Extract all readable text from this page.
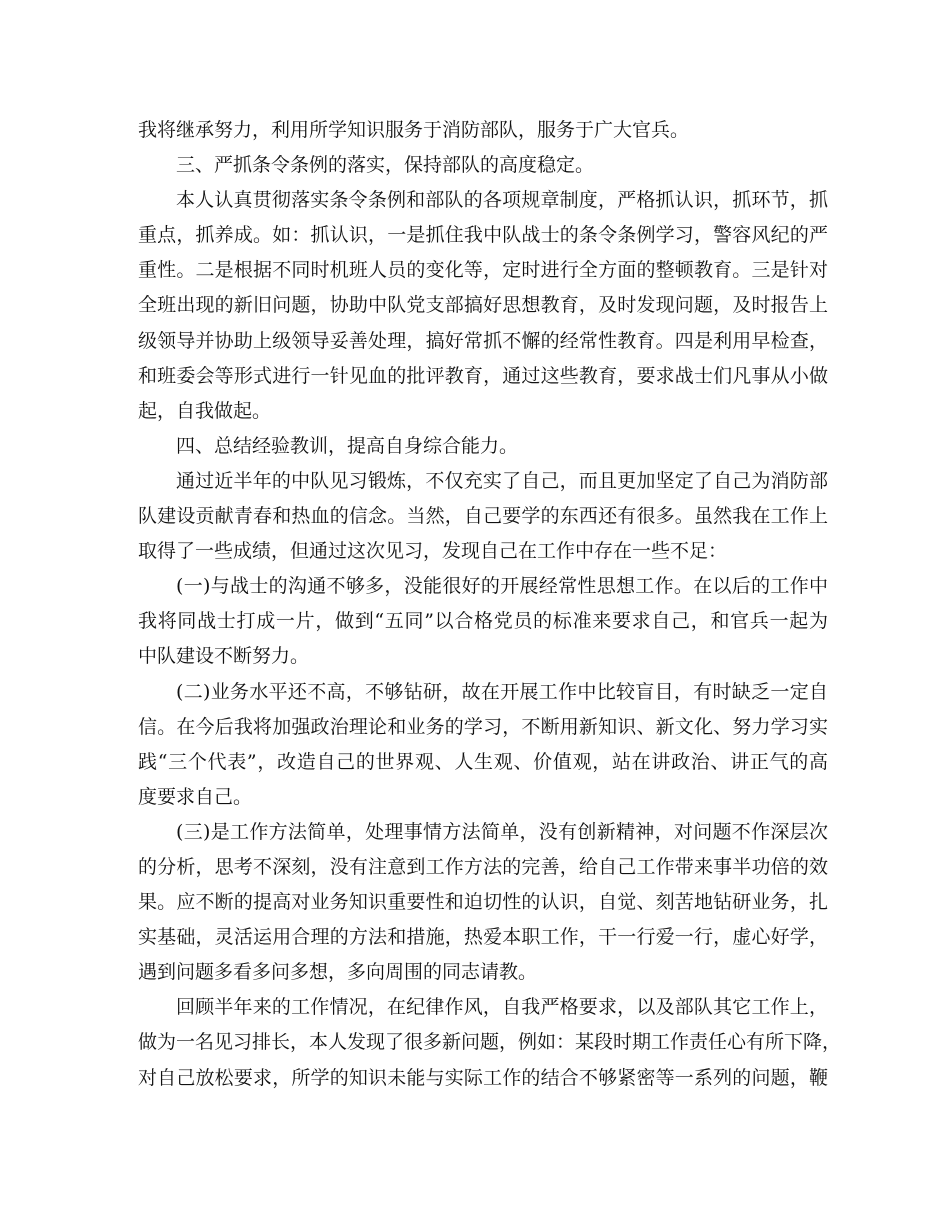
我将继承努力，利用所学知识服务于消防部队，服务于广大官兵。
三、严抓条令条例的落实，保持部队的高度稳定。
本人认真贯彻落实条令条例和部队的各项规章制度，严格抓认识，抓环节，抓
重点，抓养成。如：抓认识，一是抓住我中队战士的条令条例学习，警容风纪的严
重性。二是根据不同时机班人员的变化等，定时进行全方面的整顿教育。三是针对
全班出现的新旧问题，协助中队党支部搞好思想教育，及时发现问题，及时报告上
级领导并协助上级领导妥善处理，搞好常抓不懈的经常性教育。四是利用早检查，
和班委会等形式进行一针见血的批评教育，通过这些教育，要求战士们凡事从小做
起，自我做起。
四、总结经验教训，提高自身综合能力。
通过近半年的中队见习锻炼，不仅充实了自己，而且更加坚定了自己为消防部
队建设贡献青春和热血的信念。当然，自己要学的东西还有很多。虽然我在工作上
取得了一些成绩，但通过这次见习，发现自己在工作中存在一些不足：
(一)与战士的沟通不够多，没能很好的开展经常性思想工作。在以后的工作中
我将同战士打成一片，做到“五同”以合格党员的标准来要求自己，和官兵一起为
中队建设不断努力。
(二)业务水平还不高，不够钻研，故在开展工作中比较盲目，有时缺乏一定自
信。在今后我将加强政治理论和业务的学习，不断用新知识、新文化、努力学习实
践“三个代表”，改造自己的世界观、人生观、价值观，站在讲政治、讲正气的高
度要求自己。
(三)是工作方法简单，处理事情方法简单，没有创新精神，对问题不作深层次
的分析，思考不深刻，没有注意到工作方法的完善，给自己工作带来事半功倍的效
果。应不断的提高对业务知识重要性和迫切性的认识，自觉、刻苦地钻研业务，扎
实基础，灵活运用合理的方法和措施，热爱本职工作，干一行爱一行，虚心好学，
遇到问题多看多问多想，多向周围的同志请教。
回顾半年来的工作情况，在纪律作风，自我严格要求，以及部队其它工作上，
做为一名见习排长，本人发现了很多新问题，例如：某段时期工作责任心有所下降，
对自己放松要求，所学的知识未能与实际工作的结合不够紧密等一系列的问题，鞭
